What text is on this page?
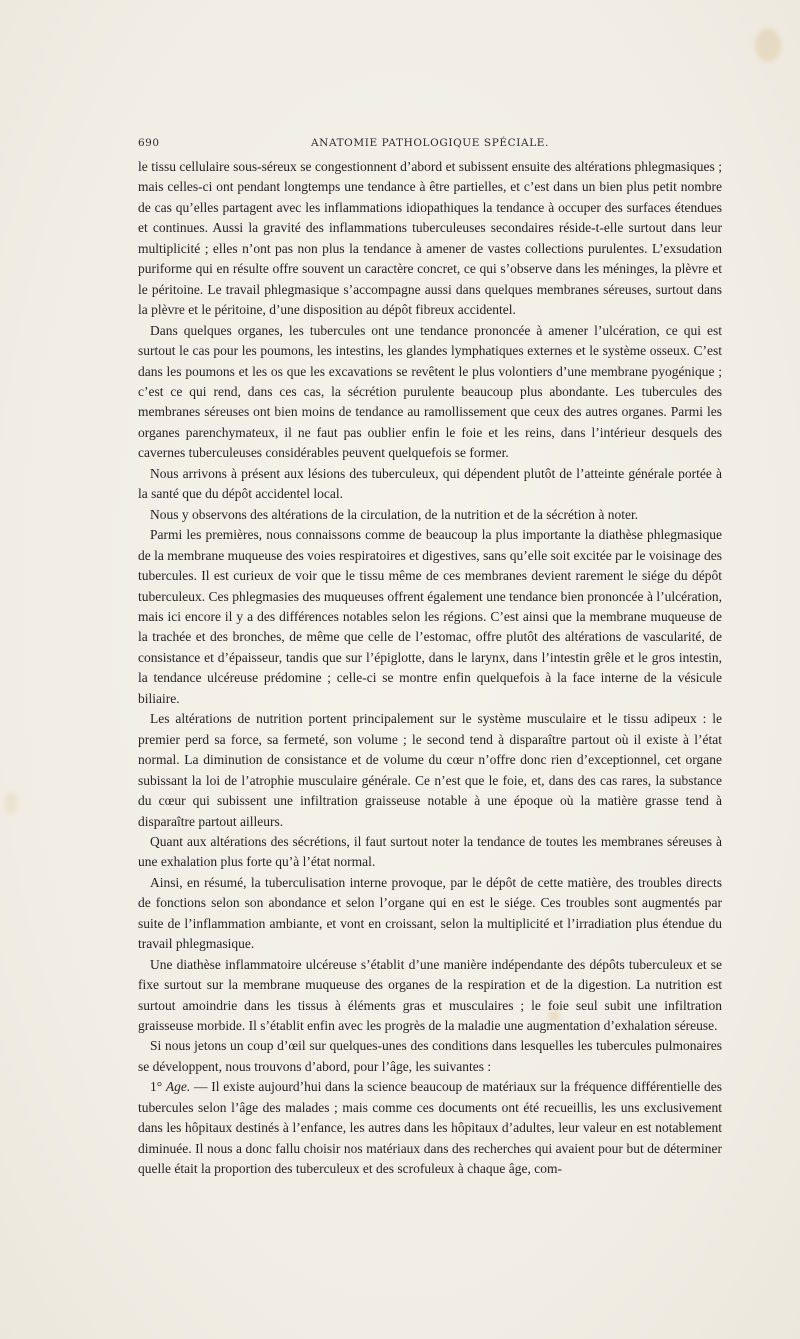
690	ANATOMIE PATHOLOGIQUE SPÉCIALE.

le tissu cellulaire sous-séreux se congestionnent d’abord et subissent ensuite des altérations phlegmasiques ; mais celles-ci ont pendant longtemps une tendance à être partielles, et c’est dans un bien plus petit nombre de cas qu’elles partagent avec les inflammations idiopathiques la tendance à occuper des surfaces étendues et continues. Aussi la gravité des inflammations tuberculeuses secondaires réside-t-elle surtout dans leur multiplicité ; elles n’ont pas non plus la tendance à amener de vastes collections purulentes. L’exsudation puriforme qui en résulte offre souvent un caractère concret, ce qui s’observe dans les méninges, la plèvre et le péritoine. Le travail phlegmasique s’accompagne aussi dans quelques membranes séreuses, surtout dans la plèvre et le péritoine, d’une disposition au dépôt fibreux accidentel.

Dans quelques organes, les tubercules ont une tendance prononcée à amener l’ulcération, ce qui est surtout le cas pour les poumons, les intestins, les glandes lymphatiques externes et le système osseux. C’est dans les poumons et les os que les excavations se revêtent le plus volontiers d’une membrane pyogénique ; c’est ce qui rend, dans ces cas, la sécrétion purulente beaucoup plus abondante. Les tubercules des membranes séreuses ont bien moins de tendance au ramollissement que ceux des autres organes. Parmi les organes parenchymateux, il ne faut pas oublier enfin le foie et les reins, dans l’intérieur desquels des cavernes tuberculeuses considérables peuvent quelquefois se former.

Nous arrivons à présent aux lésions des tuberculeux, qui dépendent plutôt de l’atteinte générale portée à la santé que du dépôt accidentel local.

Nous y observons des altérations de la circulation, de la nutrition et de la sécrétion à noter.

Parmi les premières, nous connaissons comme de beaucoup la plus importante la diathèse phlegmasique de la membrane muqueuse des voies respiratoires et digestives, sans qu’elle soit excitée par le voisinage des tubercules. Il est curieux de voir que le tissu même de ces membranes devient rarement le siége du dépôt tuberculeux. Ces phlegmasies des muqueuses offrent également une tendance bien prononcée à l’ulcération, mais ici encore il y a des différences notables selon les régions. C’est ainsi que la membrane muqueuse de la trachée et des bronches, de même que celle de l’estomac, offre plutôt des altérations de vascularité, de consistance et d’épaisseur, tandis que sur l’épiglotte, dans le larynx, dans l’intestin grêle et le gros intestin, la tendance ulcéreuse prédomine ; celle-ci se montre enfin quelquefois à la face interne de la vésicule biliaire.

Les altérations de nutrition portent principalement sur le système musculaire et le tissu adipeux : le premier perd sa force, sa fermeté, son volume ; le second tend à disparaître partout où il existe à l’état normal. La diminution de consistance et de volume du cœur n’offre donc rien d’exceptionnel, cet organe subissant la loi de l’atrophie musculaire générale. Ce n’est que le foie, et, dans des cas rares, la substance du cœur qui subissent une infiltration graisseuse notable à une époque où la matière grasse tend à disparaître partout ailleurs.

Quant aux altérations des sécrétions, il faut surtout noter la tendance de toutes les membranes séreuses à une exhalation plus forte qu’à l’état normal.

Ainsi, en résumé, la tuberculisation interne provoque, par le dépôt de cette matière, des troubles directs de fonctions selon son abondance et selon l’organe qui en est le siége. Ces troubles sont augmentés par suite de l’inflammation ambiante, et vont en croissant, selon la multiplicité et l’irradiation plus étendue du travail phlegmasique.

Une diathèse inflammatoire ulcéreuse s’établit d’une manière indépendante des dépôts tuberculeux et se fixe surtout sur la membrane muqueuse des organes de la respiration et de la digestion. La nutrition est surtout amoindrie dans les tissus à éléments gras et musculaires ; le foie seul subit une infiltration graisseuse morbide. Il s’établit enfin avec les progrès de la maladie une augmentation d’exhalation séreuse.

Si nous jetons un coup d’œil sur quelques-unes des conditions dans lesquelles les tubercules pulmonaires se développent, nous trouvons d’abord, pour l’âge, les suivantes :

1° Age. — Il existe aujourd’hui dans la science beaucoup de matériaux sur la fréquence différentielle des tubercules selon l’âge des malades ; mais comme ces documents ont été recueillis, les uns exclusivement dans les hôpitaux destinés à l’enfance, les autres dans les hôpitaux d’adultes, leur valeur en est notablement diminuée. Il nous a donc fallu choisir nos matériaux dans des recherches qui avaient pour but de déterminer quelle était la proportion des tuberculeux et des scrofuleux à chaque âge, com-
